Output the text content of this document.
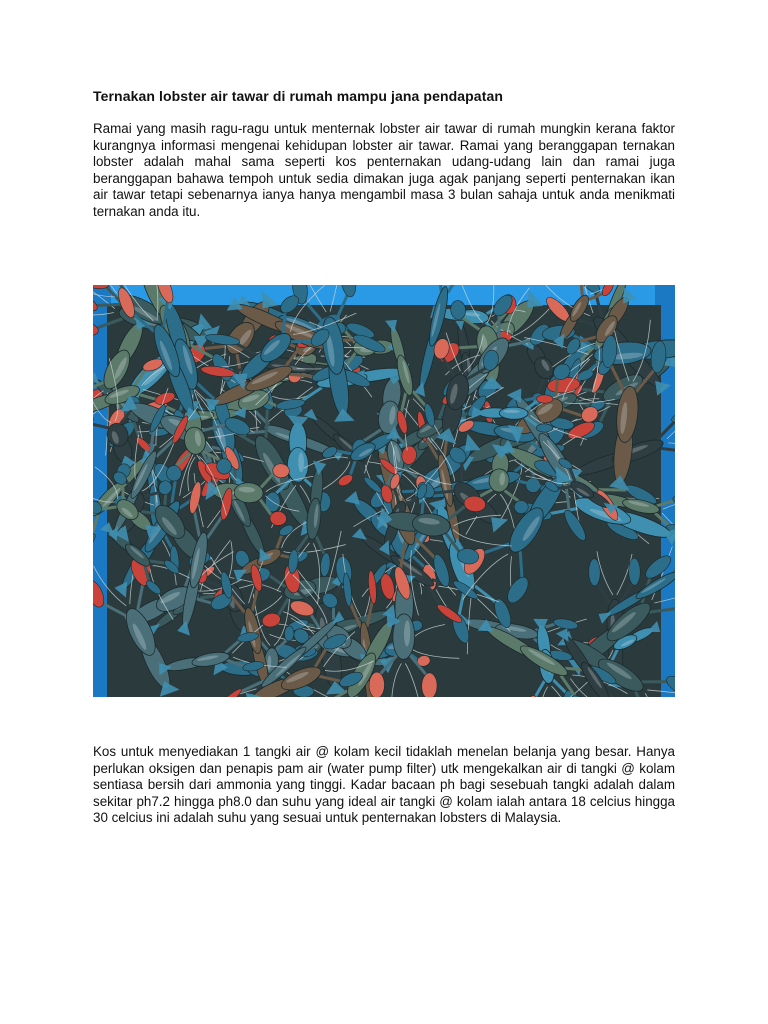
Ternakan lobster air tawar di rumah mampu jana pendapatan

Ramai yang masih ragu-ragu untuk menternak lobster air tawar di rumah mungkin kerana faktor kurangnya informasi mengenai kehidupan lobster air tawar. Ramai yang beranggapan ternakan lobster adalah mahal sama seperti kos penternakan udang-udang lain dan ramai juga beranggapan bahawa tempoh untuk sedia dimakan juga agak panjang seperti penternakan ikan air tawar tetapi sebenarnya ianya hanya mengambil masa 3 bulan sahaja untuk anda menikmati ternakan anda itu.

Kos untuk menyediakan 1 tangki air @ kolam kecil tidaklah menelan belanja yang besar. Hanya perlukan oksigen dan penapis pam air (water pump filter) utk mengekalkan air di tangki @ kolam sentiasa bersih dari ammonia yang tinggi. Kadar bacaan ph bagi sesebuah tangki adalah dalam sekitar ph7.2 hingga ph8.0 dan suhu yang ideal air tangki @ kolam ialah antara 18 celcius hingga 30 celcius ini adalah suhu yang sesuai untuk penternakan lobsters di Malaysia.
